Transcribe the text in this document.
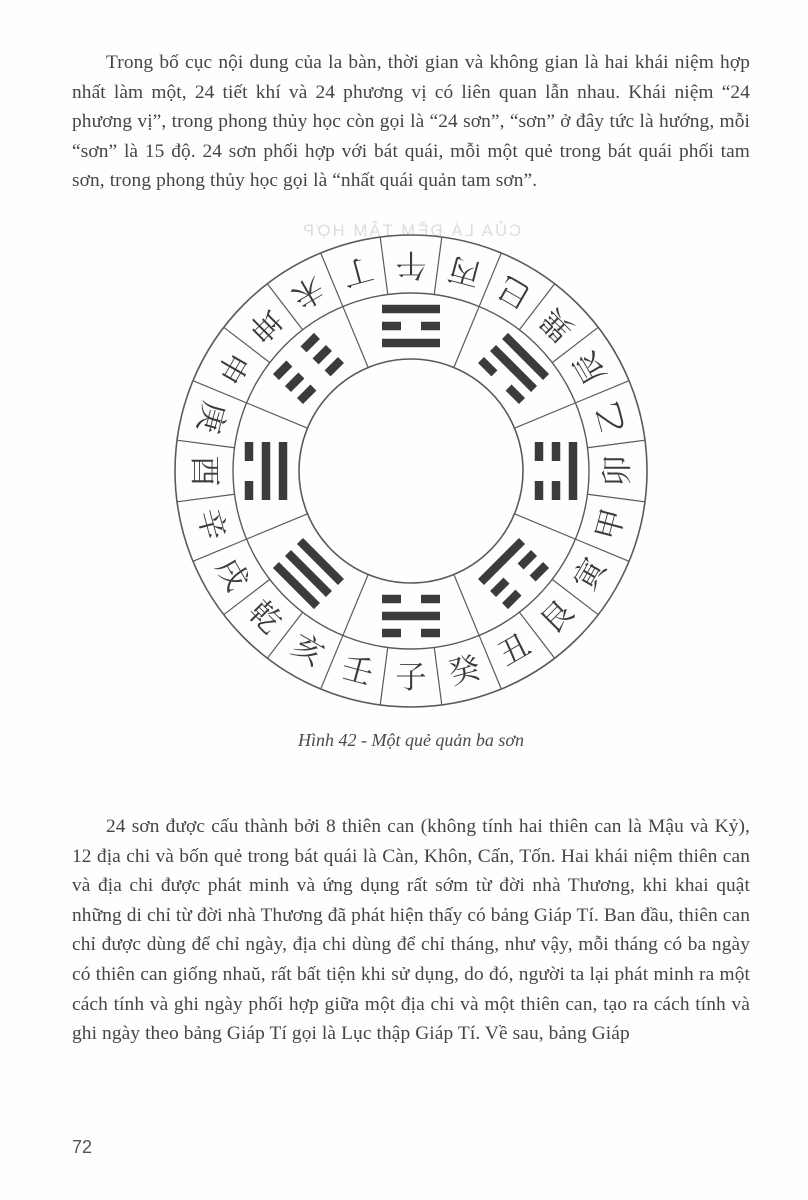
Trong bố cục nội dung của la bàn, thời gian và không gian là hai khái niệm hợp nhất làm một, 24 tiết khí và 24 phương vị có liên quan lẫn nhau. Khái niệm “24 phương vị”, trong phong thủy học còn gọi là “24 sơn”, “sơn” ở đây tức là hướng, mỗi “sơn” là 15 độ. 24 sơn phối hợp với bát quái, mỗi một quẻ trong bát quái phối tam sơn, trong phong thủy học gọi là “nhất quái quản tam sơn”.
CỦA LÀ ĐỀM TÂM HỢP
子
壬
亥
乾
戌
辛
酉
庚
申
坤
未 丁 午 丙 巳
巽
辰
乙
卯
甲
寅
艮
丑
癸
Hình 42 - Một quẻ quản ba sơn
24 sơn được cấu thành bởi 8 thiên can (không tính hai thiên can là Mậu và Kỷ), 12 địa chi và bốn quẻ trong bát quái là Càn, Khôn, Cấn, Tốn. Hai khái niệm thiên can và địa chi được phát minh và ứng dụng rất sớm từ đời nhà Thương, khi khai quật những di chỉ từ đời nhà Thương đã phát hiện thấy có bảng Giáp Tí. Ban đầu, thiên can chỉ được dùng để chỉ ngày, địa chi dùng để chỉ tháng, như vậy, mỗi tháng có ba ngày có thiên can giống nhaŭ, rất bất tiện khi sử dụng, do đó, người ta lại phát minh ra một cách tính và ghi ngày phối hợp giữa một địa chi và một thiên can, tạo ra cách tính và ghi ngày theo bảng Giáp Tí gọi là Lục thập Giáp Tí. Về sau, bảng Giáp
72
